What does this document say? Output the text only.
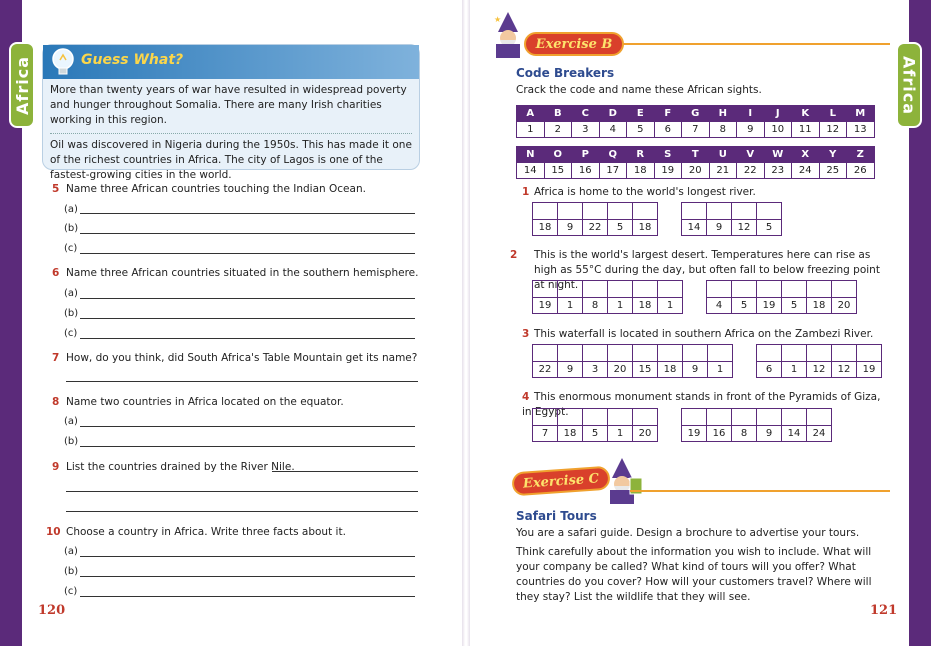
Africa	Africa
Guess What?

More than twenty years of war have resulted in widespread poverty and hunger throughout Somalia. There are many Irish charities working in this region.

Oil was discovered in Nigeria during the 1950s. This has made it one of the richest countries in Africa. The city of Lagos is one of the fastest-growing cities in the world.

5 Name three African countries touching the Indian Ocean.
(a)
(b)
(c)
6 Name three African countries situated in the southern hemisphere.
(a)
(b)
(c)
7 How, do you think, did South Africa's Table Mountain get its name?
8 Name two countries in Africa located on the equator.
(a)
(b)
9 List the countries drained by the River Nile.
10 Choose a country in Africa. Write three facts about it.
(a)
(b)
(c)
120	121
★
Exercise B
Code Breakers
Crack the code and name these African sights.
A	B	C	D	E	F	G	H	I	J	K	L	M
1	2	3	4	5	6	7	8	9	10	11	12	13
N	O	P	Q	R	S	T	U	V	W	X	Y	Z
14	15	16	17	18	19	20	21	22	23	24	25	26
1 Africa is home to the world's longest river.
18	9	22	5	18	14	9	12	5
2 This is the world's largest desert. Temperatures here can rise as high as 55°C during the day, but often fall to below freezing point at night.
19	1	8	1	18	1	4	5	19	5	18	20
3 This waterfall is located in southern Africa on the Zambezi River.
22	9	3	20	15	18	9	1	6	1	12	12	19
4 This enormous monument stands in front of the Pyramids of Giza, in Egypt.
7	18	5	1	20	19	16	8	9	14	24
Exercise C
Safari Tours
You are a safari guide. Design a brochure to advertise your tours.
Think carefully about the information you wish to include. What will your company be called? What kind of tours will you offer? What countries do you cover? How will your customers travel? Where will they stay? List the wildlife that they will see.
